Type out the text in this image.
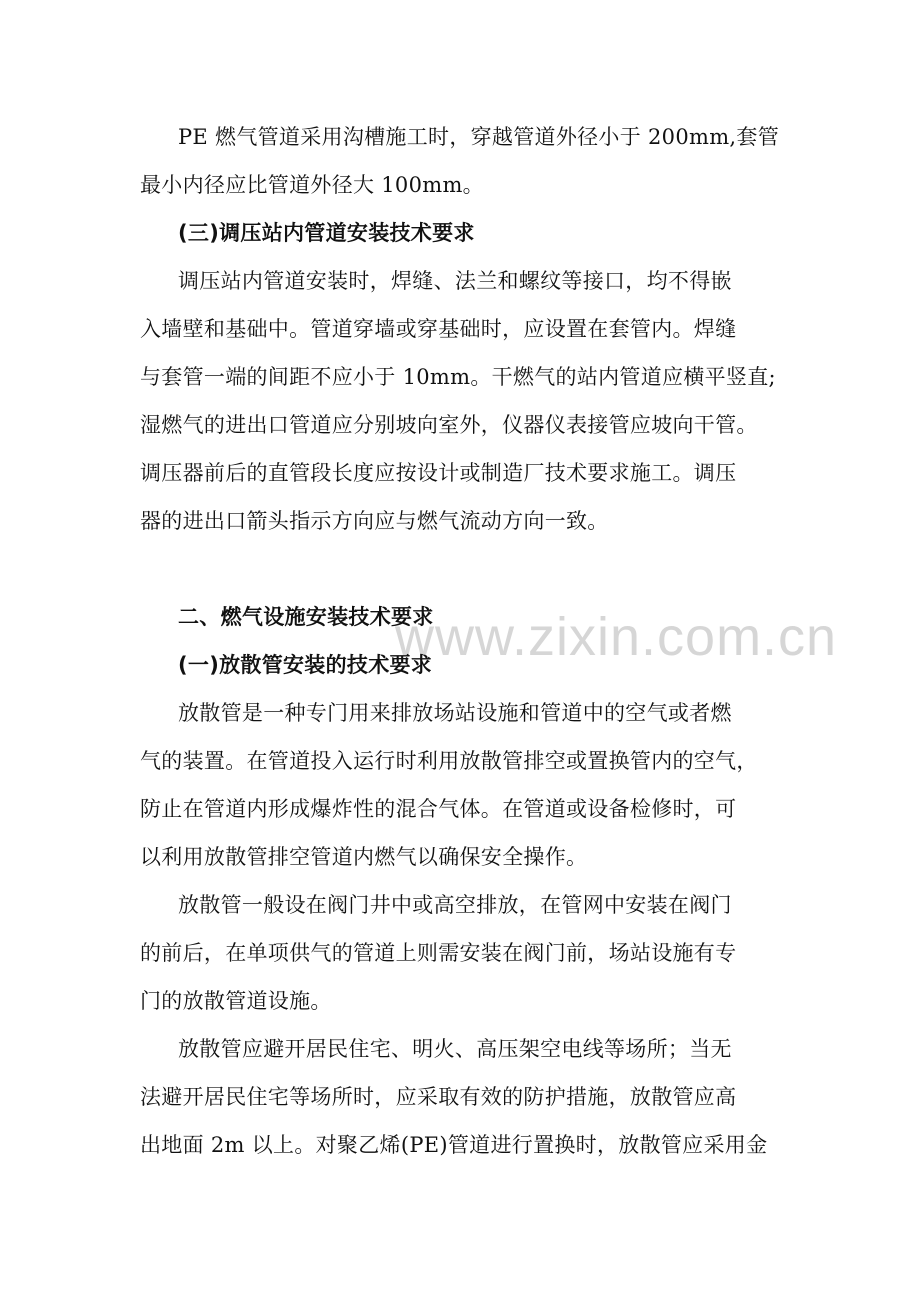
www.zixin.com.cn
PE 燃气管道采用沟槽施工时，穿越管道外径小于 200mm,套管
最小内径应比管道外径大 100mm。
(三)调压站内管道安装技术要求
调压站内管道安装时，焊缝、法兰和螺纹等接口，均不得嵌
入墙壁和基础中。管道穿墙或穿基础时，应设置在套管内。焊缝
与套管一端的间距不应小于 10mm。干燃气的站内管道应横平竖直;
湿燃气的进出口管道应分别坡向室外，仪器仪表接管应坡向干管。
调压器前后的直管段长度应按设计或制造厂技术要求施工。调压
器的进出口箭头指示方向应与燃气流动方向一致。
二、燃气设施安装技术要求
(一)放散管安装的技术要求
放散管是一种专门用来排放场站设施和管道中的空气或者燃
气的装置。在管道投入运行时利用放散管排空或置换管内的空气，
防止在管道内形成爆炸性的混合气体。在管道或设备检修时，可
以利用放散管排空管道内燃气以确保安全操作。
放散管一般设在阀门井中或高空排放，在管网中安装在阀门
的前后，在单项供气的管道上则需安装在阀门前，场站设施有专
门的放散管道设施。
放散管应避开居民住宅、明火、高压架空电线等场所；当无
法避开居民住宅等场所时，应采取有效的防护措施，放散管应高
出地面 2m 以上。对聚乙烯(PE)管道进行置换时，放散管应采用金
